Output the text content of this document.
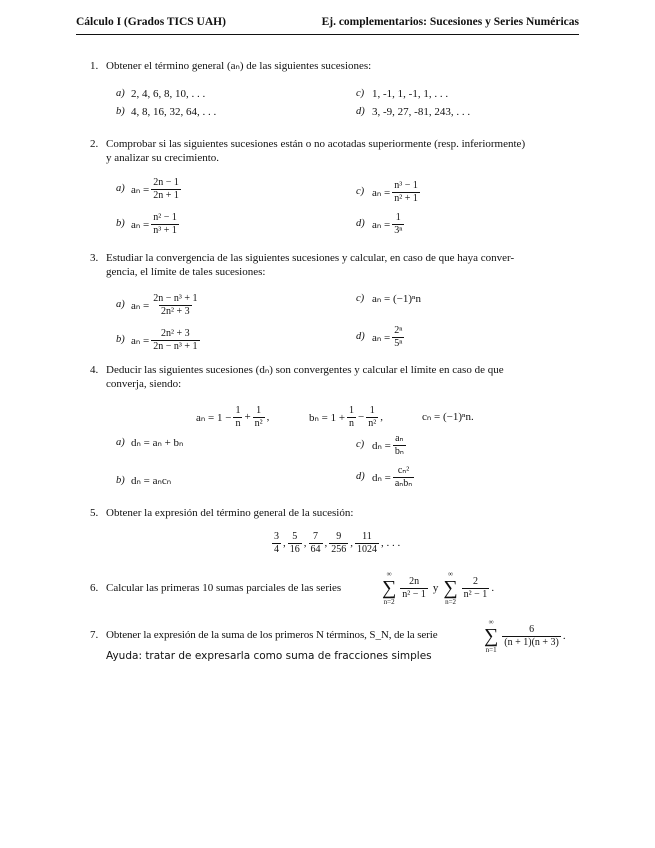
Cálculo I (Grados TICS UAH)	Ej. complementarios: Sucesiones y Series Numéricas
1. Obtener el término general (aₙ) de las siguientes sucesiones:
a) 2, 4, 6, 8, 10, . . .
b) 4, 8, 16, 32, 64, . . .
c) 1, -1, 1, -1, 1, . . .
d) 3, -9, 27, -81, 243, . . .
2. Comprobar si las siguientes sucesiones están o no acotadas superiormente (resp. inferiormente)
y analizar su crecimiento.
a) $a_n = \frac{2n - 1}{2n + 1}$
b) $a_n = \frac{\text{n² − 1}}{\text{n³ + 1}}$
c) $a_n = \frac{\text{n³ − 1}}{\text{n² + 1}}$
d) $a_n = \frac{1}{\text{3ⁿ}}$
3. Estudiar la convergencia de las siguientes sucesiones y calcular, en caso de que haya conver-
gencia, el límite de tales sucesiones:
a) $a_n = \frac{\text{2n − n³ + 1}}{\text{2n² + 3}}$
b) $a_n = \frac{\text{2n² + 3}}{\text{2n − n³ + 1}}$
c) aₙ = (−1)ⁿn
d) $a_n = \frac{\text{2ⁿ}}{\text{5ⁿ}}$
4. Deducir las siguientes sucesiones (dₙ) son convergentes y calcular el límite en caso de que
converja, siendo:
$a_n = 1 - \frac{1}{n} + \frac{1}{\text{n²}}$ ,	$b_n = 1 + \frac{1}{n} - \frac{1}{\text{n²}}$ ,	cₙ = (−1)ⁿn.
a) dₙ = aₙ + bₙ
b) dₙ = aₙcₙ
c) $d_n = \frac{\text{aₙ}}{\text{bₙ}}$
d) $d_n = \frac{\text{cₙ²}}{\text{aₙbₙ}}$
5. Obtener la expresión del término general de la sucesión:
$\frac{3}{4}$ , $\frac{5}{16}$ , $\frac{7}{64}$ , $\frac{9}{256}$ , $\frac{11}{1024}$ , . . .
6. Calcular las primeras 10 sumas parciales de las series
∞
∑
n=2
$\frac{2n}{\text{n² − 1}}$ y
∞
∑
n=2
$\frac{2}{\text{n² − 1}}$ .
7. Obtener la expresión de la suma de los primeros N términos, S_N, de la serie
∞
∑
n=1
$\frac{6}{(n + 1)(n + 3)}$ .
Ayuda: tratar de expresarla como suma de fracciones simples
